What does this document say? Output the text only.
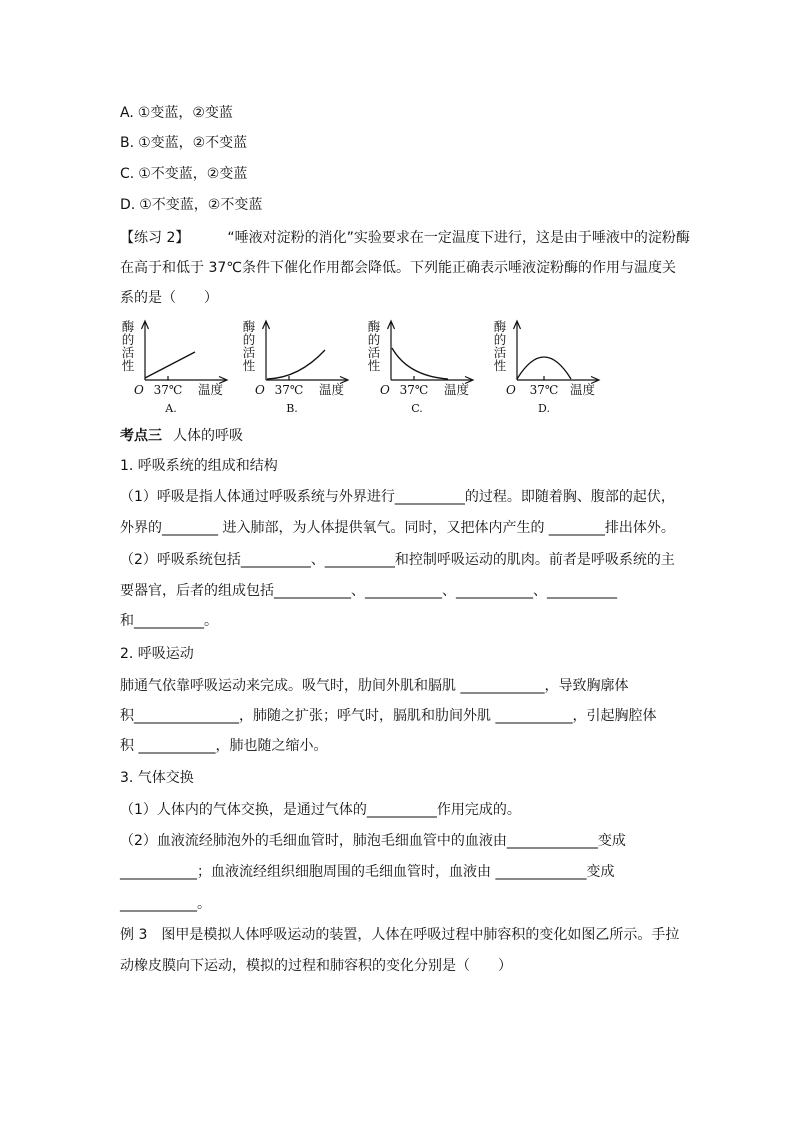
A. ①变蓝，②变蓝
B. ①变蓝，②不变蓝
C. ①不变蓝，②变蓝
D. ①不变蓝，②不变蓝
【练习 2】	“唾液对淀粉的消化”实验要求在一定温度下进行，这是由于唾液中的淀粉酶
在高于和低于 37℃条件下催化作用都会降低。下列能正确表示唾液淀粉酶的作用与温度关
系的是（　　）
酶的活性
O 37℃ 温度
A.
酶的活性
O 37℃ 温度
B.
酶的活性
O 37℃ 温度
C.
酶的活性
O 37℃ 温度
D.
考点三 人体的呼吸
1. 呼吸系统的组成和结构
（1）呼吸是指人体通过呼吸系统与外界进行__________的过程。即随着胸、腹部的起伏，
外界的________ 进入肺部，为人体提供氧气。同时，又把体内产生的 ________排出体外。
（2）呼吸系统包括__________、__________和控制呼吸运动的肌肉。前者是呼吸系统的主
要器官，后者的组成包括___________、___________、___________、__________
和__________。
2. 呼吸运动
肺通气依靠呼吸运动来完成。吸气时，肋间外肌和膈肌 ____________，导致胸廓体
积_______________，肺随之扩张；呼气时，膈肌和肋间外肌 ___________，引起胸腔体
积 ___________，肺也随之缩小。
3. 气体交换
（1）人体内的气体交换，是通过气体的__________作用完成的。
（2）血液流经肺泡外的毛细血管时，肺泡毛细血管中的血液由_____________变成
___________；血液流经组织细胞周围的毛细血管时，血液由 _____________变成
___________。
例 3　图甲是模拟人体呼吸运动的装置，人体在呼吸过程中肺容积的变化如图乙所示。手拉
动橡皮膜向下运动，模拟的过程和肺容积的变化分别是（　　）
